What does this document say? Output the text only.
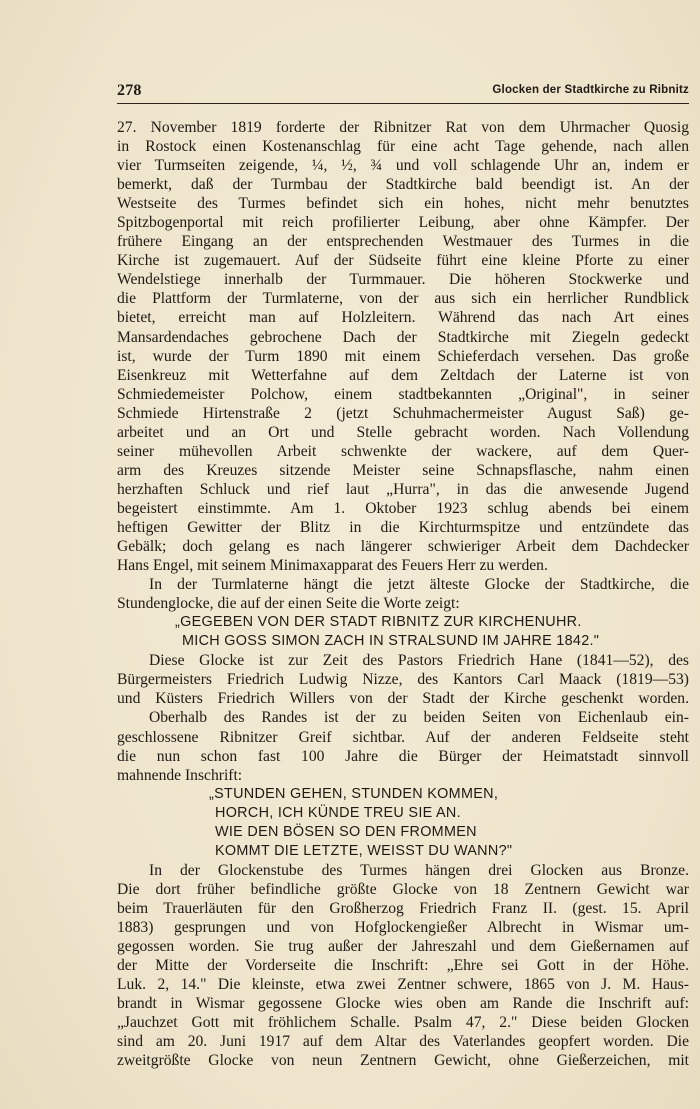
278	Glocken der Stadtkirche zu Ribnitz
27. November 1819 forderte der Ribnitzer Rat von dem Uhrmacher Quosig
in Rostock einen Kostenanschlag für eine acht Tage gehende, nach allen
vier Turmseiten zeigende, ¼, ½, ¾ und voll schlagende Uhr an, indem er
bemerkt, daß der Turmbau der Stadtkirche bald beendigt ist. An der
Westseite des Turmes befindet sich ein hohes, nicht mehr benutztes
Spitzbogenportal mit reich profilierter Leibung, aber ohne Kämpfer. Der
frühere Eingang an der entsprechenden Westmauer des Turmes in die
Kirche ist zugemauert. Auf der Südseite führt eine kleine Pforte zu einer
Wendelstiege innerhalb der Turmmauer. Die höheren Stockwerke und
die Plattform der Turmlaterne, von der aus sich ein herrlicher Rundblick
bietet, erreicht man auf Holzleitern. Während das nach Art eines
Mansardendaches gebrochene Dach der Stadtkirche mit Ziegeln gedeckt
ist, wurde der Turm 1890 mit einem Schieferdach versehen. Das große
Eisenkreuz mit Wetterfahne auf dem Zeltdach der Laterne ist von
Schmiedemeister Polchow, einem stadtbekannten „Original", in seiner
Schmiede Hirtenstraße 2 (jetzt Schuhmachermeister August Saß) ge-
arbeitet und an Ort und Stelle gebracht worden. Nach Vollendung
seiner mühevollen Arbeit schwenkte der wackere, auf dem Quer-
arm des Kreuzes sitzende Meister seine Schnapsflasche, nahm einen
herzhaften Schluck und rief laut „Hurra", in das die anwesende Jugend
begeistert einstimmte. Am 1. Oktober 1923 schlug abends bei einem
heftigen Gewitter der Blitz in die Kirchturmspitze und entzündete das
Gebälk; doch gelang es nach längerer schwieriger Arbeit dem Dachdecker
Hans Engel, mit seinem Minimaxapparat des Feuers Herr zu werden.
In der Turmlaterne hängt die jetzt älteste Glocke der Stadtkirche, die
Stundenglocke, die auf der einen Seite die Worte zeigt:
„GEGEBEN VON DER STADT RIBNITZ ZUR KIRCHENUHR.
MICH GOSS SIMON ZACH IN STRALSUND IM JAHRE 1842."
Diese Glocke ist zur Zeit des Pastors Friedrich Hane (1841—52), des
Bürgermeisters Friedrich Ludwig Nizze, des Kantors Carl Maack (1819—53)
und Küsters Friedrich Willers von der Stadt der Kirche geschenkt worden.
Oberhalb des Randes ist der zu beiden Seiten von Eichenlaub ein-
geschlossene Ribnitzer Greif sichtbar. Auf der anderen Feldseite steht
die nun schon fast 100 Jahre die Bürger der Heimatstadt sinnvoll
mahnende Inschrift:
„STUNDEN GEHEN, STUNDEN KOMMEN,
HORCH, ICH KÜNDE TREU SIE AN.
WIE DEN BÖSEN SO DEN FROMMEN
KOMMT DIE LETZTE, WEISST DU WANN?"
In der Glockenstube des Turmes hängen drei Glocken aus Bronze.
Die dort früher befindliche größte Glocke von 18 Zentnern Gewicht war
beim Trauerläuten für den Großherzog Friedrich Franz II. (gest. 15. April
1883) gesprungen und von Hofglockengießer Albrecht in Wismar um-
gegossen worden. Sie trug außer der Jahreszahl und dem Gießernamen auf
der Mitte der Vorderseite die Inschrift: „Ehre sei Gott in der Höhe.
Luk. 2, 14." Die kleinste, etwa zwei Zentner schwere, 1865 von J. M. Haus-
brandt in Wismar gegossene Glocke wies oben am Rande die Inschrift auf:
„Jauchzet Gott mit fröhlichem Schalle. Psalm 47, 2." Diese beiden Glocken
sind am 20. Juni 1917 auf dem Altar des Vaterlandes geopfert worden. Die
zweitgrößte Glocke von neun Zentnern Gewicht, ohne Gießerzeichen, mit
